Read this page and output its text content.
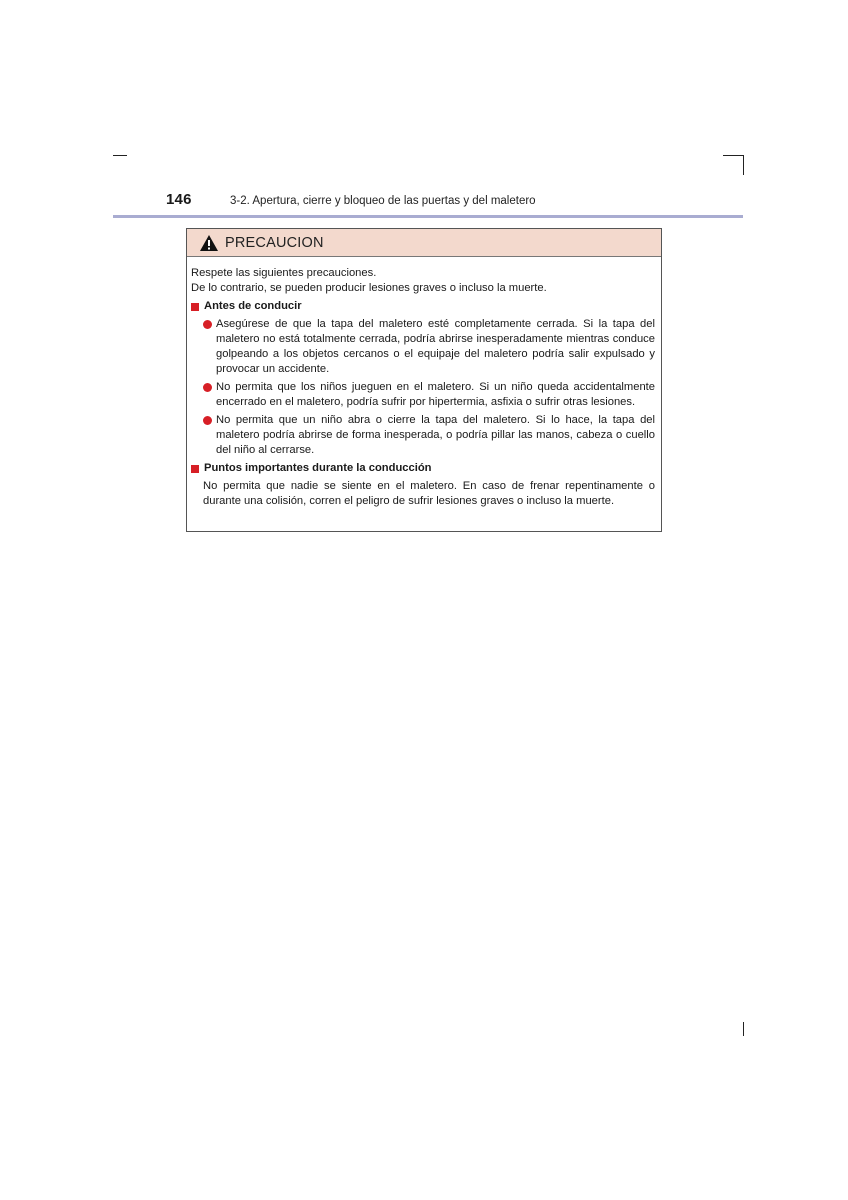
146	3-2. Apertura, cierre y bloqueo de las puertas y del maletero
PRECAUCION
Respete las siguientes precauciones.
De lo contrario, se pueden producir lesiones graves o incluso la muerte.
Antes de conducir
Asegúrese de que la tapa del maletero esté completamente cerrada. Si la tapa del maletero no está totalmente cerrada, podría abrirse inesperadamente mientras conduce golpeando a los objetos cercanos o el equipaje del maletero podría salir expulsado y provocar un accidente.
No permita que los niños jueguen en el maletero. Si un niño queda accidentalmente encerrado en el maletero, podría sufrir por hipertermia, asfixia o sufrir otras lesiones.
No permita que un niño abra o cierre la tapa del maletero. Si lo hace, la tapa del maletero podría abrirse de forma inesperada, o podría pillar las manos, cabeza o cuello del niño al cerrarse.
Puntos importantes durante la conducción
No permita que nadie se siente en el maletero. En caso de frenar repentinamente o durante una colisión, corren el peligro de sufrir lesiones graves o incluso la muerte.
